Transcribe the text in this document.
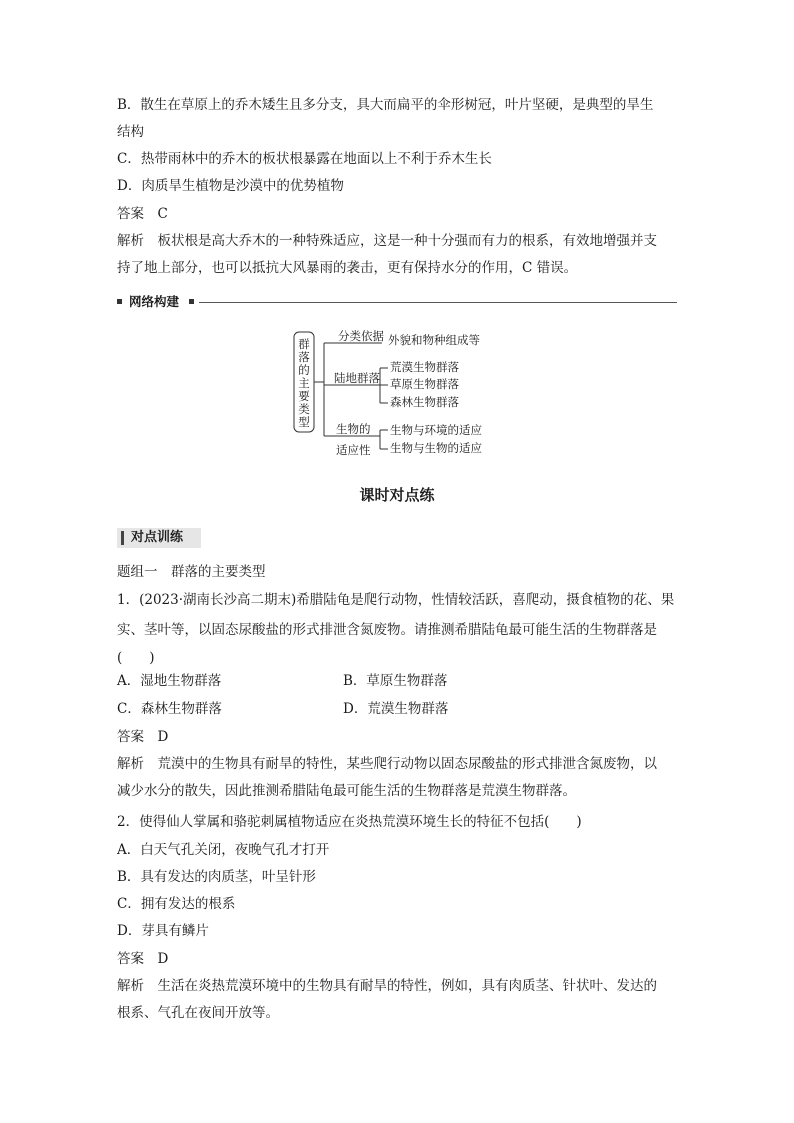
B．散生在草原上的乔木矮生且多分支，具大而扁平的伞形树冠，叶片坚硬，是典型的旱生
结构
C．热带雨林中的乔木的板状根暴露在地面以上不利于乔木生长
D．肉质旱生植物是沙漠中的优势植物
答案　C
解析　板状根是高大乔木的一种特殊适应，这是一种十分强而有力的根系，有效地增强并支
持了地上部分，也可以抵抗大风暴雨的袭击，更有保持水分的作用，C 错误。
网络构建
群
落
的
主
要
类
型
分类依据 外貌和物种组成等
陆地群落
荒漠生物群落
草原生物群落
森林生物群落
生物的
适应性
生物与环境的适应
生物与生物的适应
课时对点练
对点训练
题组一　群落的主要类型
1．(2023·湖南长沙高二期末)希腊陆龟是爬行动物，性情较活跃，喜爬动，摄食植物的花、果
实、茎叶等，以固态尿酸盐的形式排泄含氮废物。请推测希腊陆龟最可能生活的生物群落是
(　　)
A．湿地生物群落	B．草原生物群落
C．森林生物群落	D．荒漠生物群落
答案　D
解析　荒漠中的生物具有耐旱的特性，某些爬行动物以固态尿酸盐的形式排泄含氮废物，以
减少水分的散失，因此推测希腊陆龟最可能生活的生物群落是荒漠生物群落。
2．使得仙人掌属和骆驼刺属植物适应在炎热荒漠环境生长的特征不包括(　　)
A．白天气孔关闭，夜晚气孔才打开
B．具有发达的肉质茎，叶呈针形
C．拥有发达的根系
D．芽具有鳞片
答案　D
解析　生活在炎热荒漠环境中的生物具有耐旱的特性，例如，具有肉质茎、针状叶、发达的
根系、气孔在夜间开放等。
